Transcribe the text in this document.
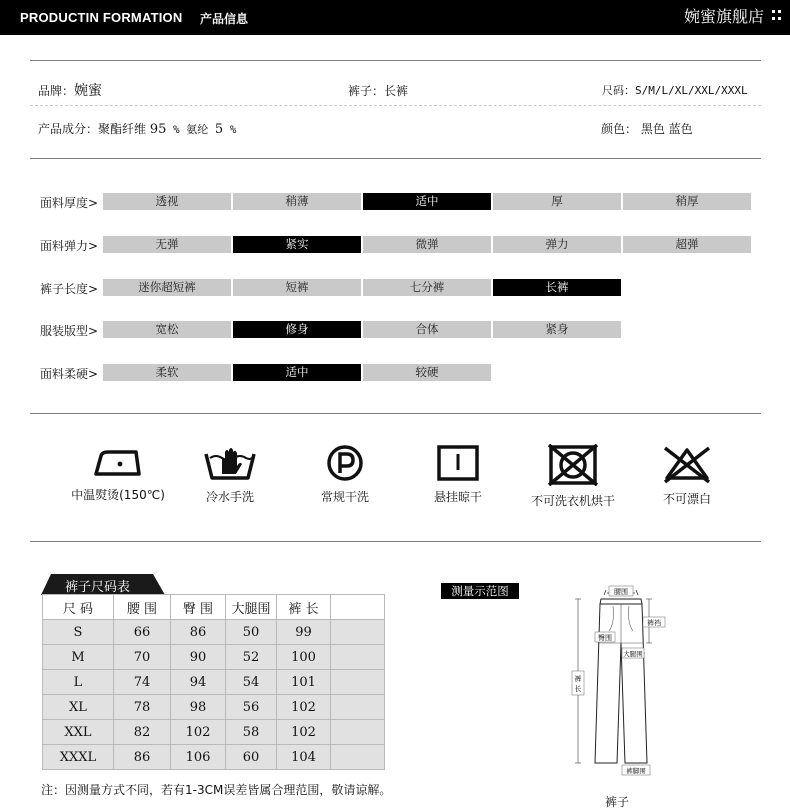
PRODUCTIN FORMATION 产品信息	婉蜜旗舰店
品牌：婉蜜	裤子：长裤	尺码：S/M/L/XL/XXL/XXXL
产品成分：聚酯纤维 95 % 氨纶 5 %	颜色： 黑色 蓝色
面料厚度>	透视	稍薄	适中	厚	稍厚
面料弹力>	无弹	紧实	微弹	弹力	超弹
裤子长度>	迷你超短裤	短裤	七分裤	长裤
服装版型>	宽松	修身	合体	紧身
面料柔硬>	柔软	适中	较硬
中温熨烫(150℃)	冷水手洗	常规干洗	悬挂晾干	不可洗衣机烘干	不可漂白
裤子尺码表
尺 码	腰 围	臀 围	大腿围	裤 长	
S	66	86	50	99	
M	70	90	52	100	
L	74	94	54	101	
XL	78	98	56	102	
XXL	82	102	58	102	
XXXL	86	106	60	104	
注：因测量方式不同，若有1-3CM误差皆属合理范围，敬请谅解。
测量示范图	腰围
臀围
大腿围
裤裆
裤
长
裤脚围
裤子
